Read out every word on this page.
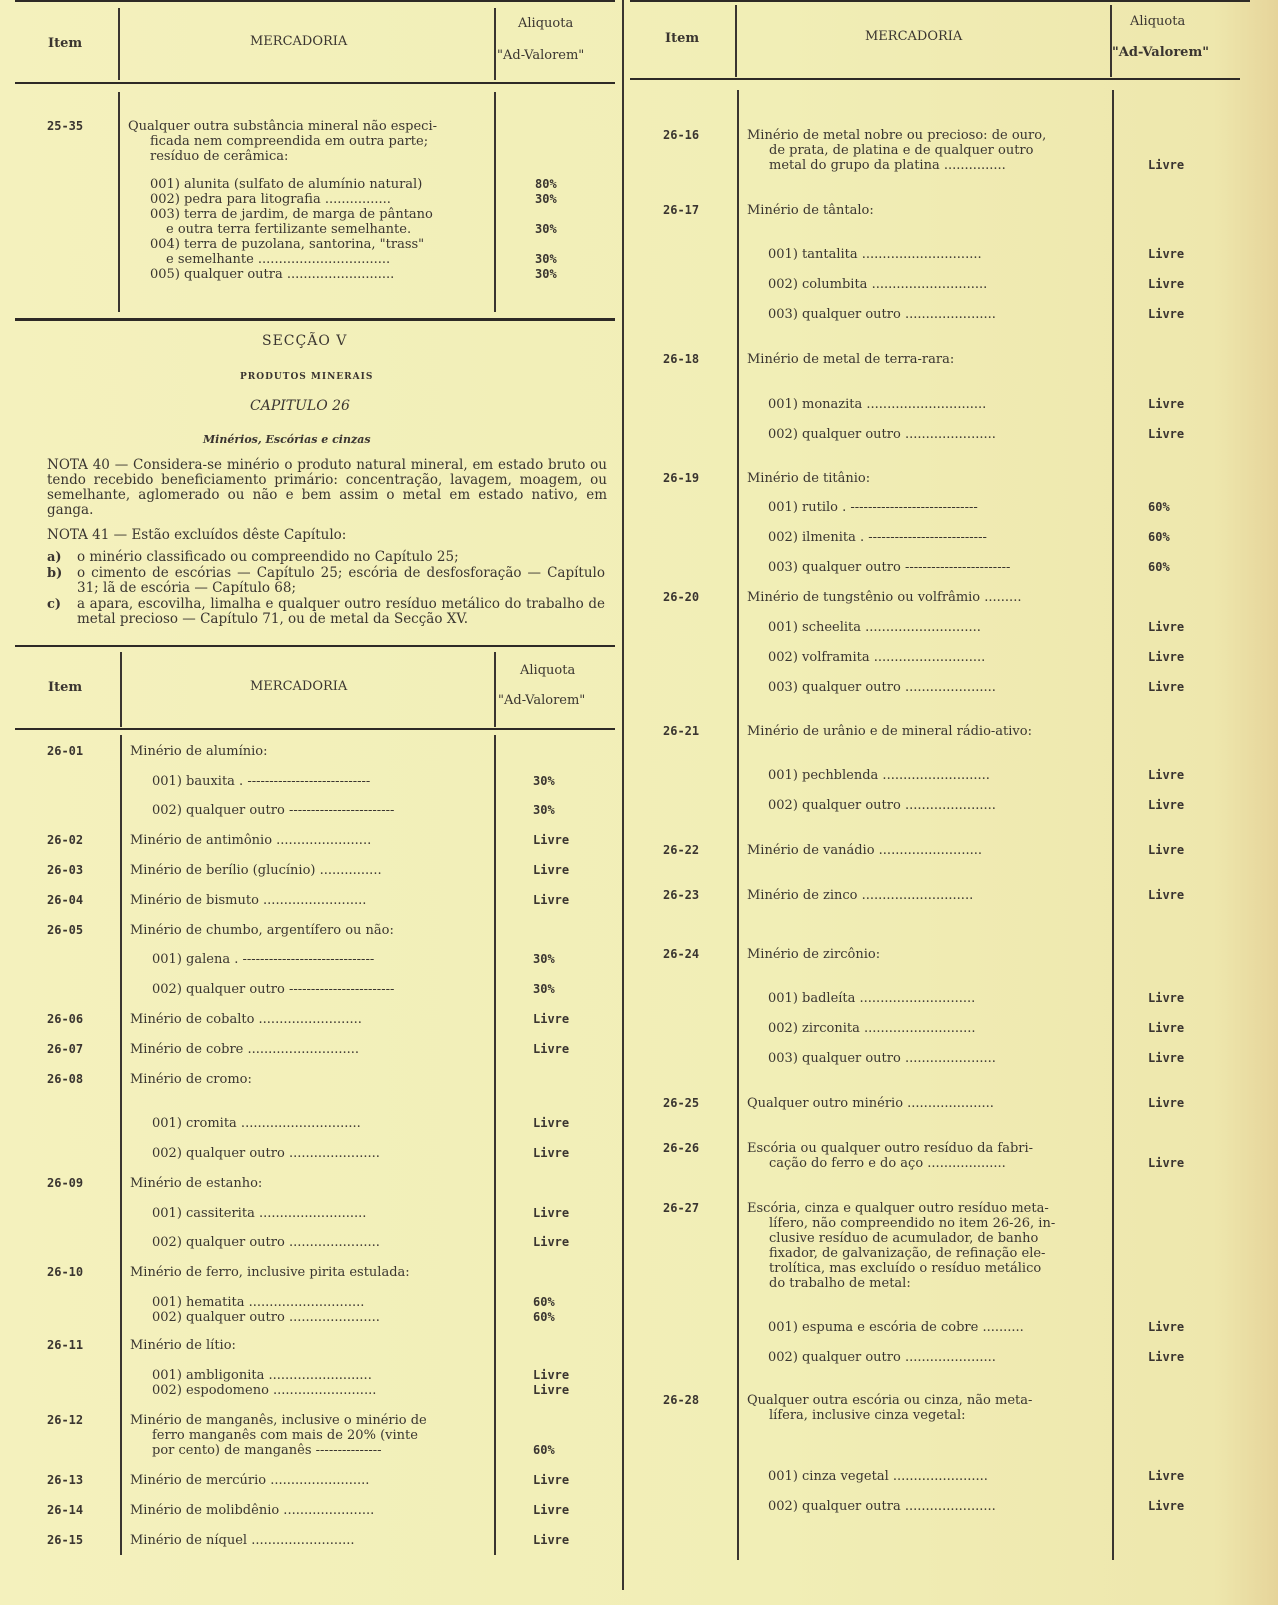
Item	MERCADORIA
Aliquota
"Ad-Valorem"
Item	MERCADORIA
Aliquota
"Ad-Valorem"
Item	MERCADORIA
Aliquota
"Ad-Valorem"
SECÇÃO V
PRODUTOS MINERAIS
CAPITULO 26
Minérios, Escórias e cinzas
NOTA 40 — Considera-se minério o produto natural mineral, em estado bruto ou tendo recebido beneficiamento primário: concentração, lavagem, moagem, ou semelhante, aglomerado ou não e bem assim o metal em estado nativo, em ganga.
NOTA 41 — Estão excluídos dêste Capítulo:
a) o minério classificado ou compreendido no Capítulo 25;
b) o cimento de escórias — Capítulo 25; escória de desfosforação — Capítulo 31; lã de escória — Capítulo 68;
c) a apara, escovilha, limalha e qualquer outro resíduo metálico do trabalho de metal precioso — Capítulo 71, ou de metal da Secção XV.
25-35	Qualquer outra substância mineral não especi-
ficada nem compreendida em outra parte;
resíduo de cerâmica:
001) alunita (sulfato de alumínio natural)	80%
002) pedra para litografia ................	30%
003) terra de jardim, de marga de pântano
e outra terra fertilizante semelhante.	30%
004) terra de puzolana, santorina, "trass"
e semelhante ................................	30%
005) qualquer outra ..........................	30%
26-01	Minério de alumínio:
001) bauxita . ----------------------------	30%
002) qualquer outro ------------------------	30%
26-02	Minério de antimônio .......................	Livre
26-03	Minério de berílio (glucínio) ...............	Livre
26-04	Minério de bismuto .........................	Livre
26-05	Minério de chumbo, argentífero ou não:
001) galena . ------------------------------	30%
002) qualquer outro ------------------------	30%
26-06	Minério de cobalto .........................	Livre
26-07	Minério de cobre ...........................	Livre
26-08	Minério de cromo:
001) cromita .............................	Livre
002) qualquer outro ......................	Livre
26-09	Minério de estanho:
001) cassiterita ..........................	Livre
002) qualquer outro ......................	Livre
26-10	Minério de ferro, inclusive pirita estulada:
001) hematita ............................	60%
002) qualquer outro ......................	60%
26-11	Minério de lítio:
001) ambligonita .........................	Livre
002) espodomeno .........................	Livre
26-12	Minério de manganês, inclusive o minério de
ferro manganês com mais de 20% (vinte
por cento) de manganês ---------------	60%
26-13	Minério de mercúrio ........................	Livre
26-14	Minério de molibdênio ......................	Livre
26-15	Minério de níquel .........................	Livre
26-16	Minério de metal nobre ou precioso: de ouro,
de prata, de platina e de qualquer outro
metal do grupo da platina ...............	Livre
26-17	Minério de tântalo:
001) tantalita .............................	Livre
002) columbita ............................	Livre
003) qualquer outro ......................	Livre
26-18	Minério de metal de terra-rara:
001) monazita .............................	Livre
002) qualquer outro ......................	Livre
26-19	Minério de titânio:
001) rutilo . -----------------------------	60%
002) ilmenita . ---------------------------	60%
003) qualquer outro ------------------------	60%
26-20	Minério de tungstênio ou volfrâmio .........
001) scheelita ............................	Livre
002) volframita ...........................	Livre
003) qualquer outro ......................	Livre
26-21	Minério de urânio e de mineral rádio-ativo:
001) pechblenda ..........................	Livre
002) qualquer outro ......................	Livre
26-22	Minério de vanádio .........................	Livre
26-23	Minério de zinco ...........................	Livre
26-24	Minério de zircônio:
001) badleíta ............................	Livre
002) zirconita ...........................	Livre
003) qualquer outro ......................	Livre
26-25	Qualquer outro minério .....................	Livre
26-26	Escória ou qualquer outro resíduo da fabri-
cação do ferro e do aço ...................	Livre
26-27	Escória, cinza e qualquer outro resíduo meta-
lífero, não compreendido no item 26-26, in-
clusive resíduo de acumulador, de banho
fixador, de galvanização, de refinação ele-
trolítica, mas excluído o resíduo metálico
do trabalho de metal:
001) espuma e escória de cobre ..........	Livre
002) qualquer outro ......................	Livre
26-28	Qualquer outra escória ou cinza, não meta-
lífera, inclusive cinza vegetal:
001) cinza vegetal .......................	Livre
002) qualquer outra ......................	Livre
